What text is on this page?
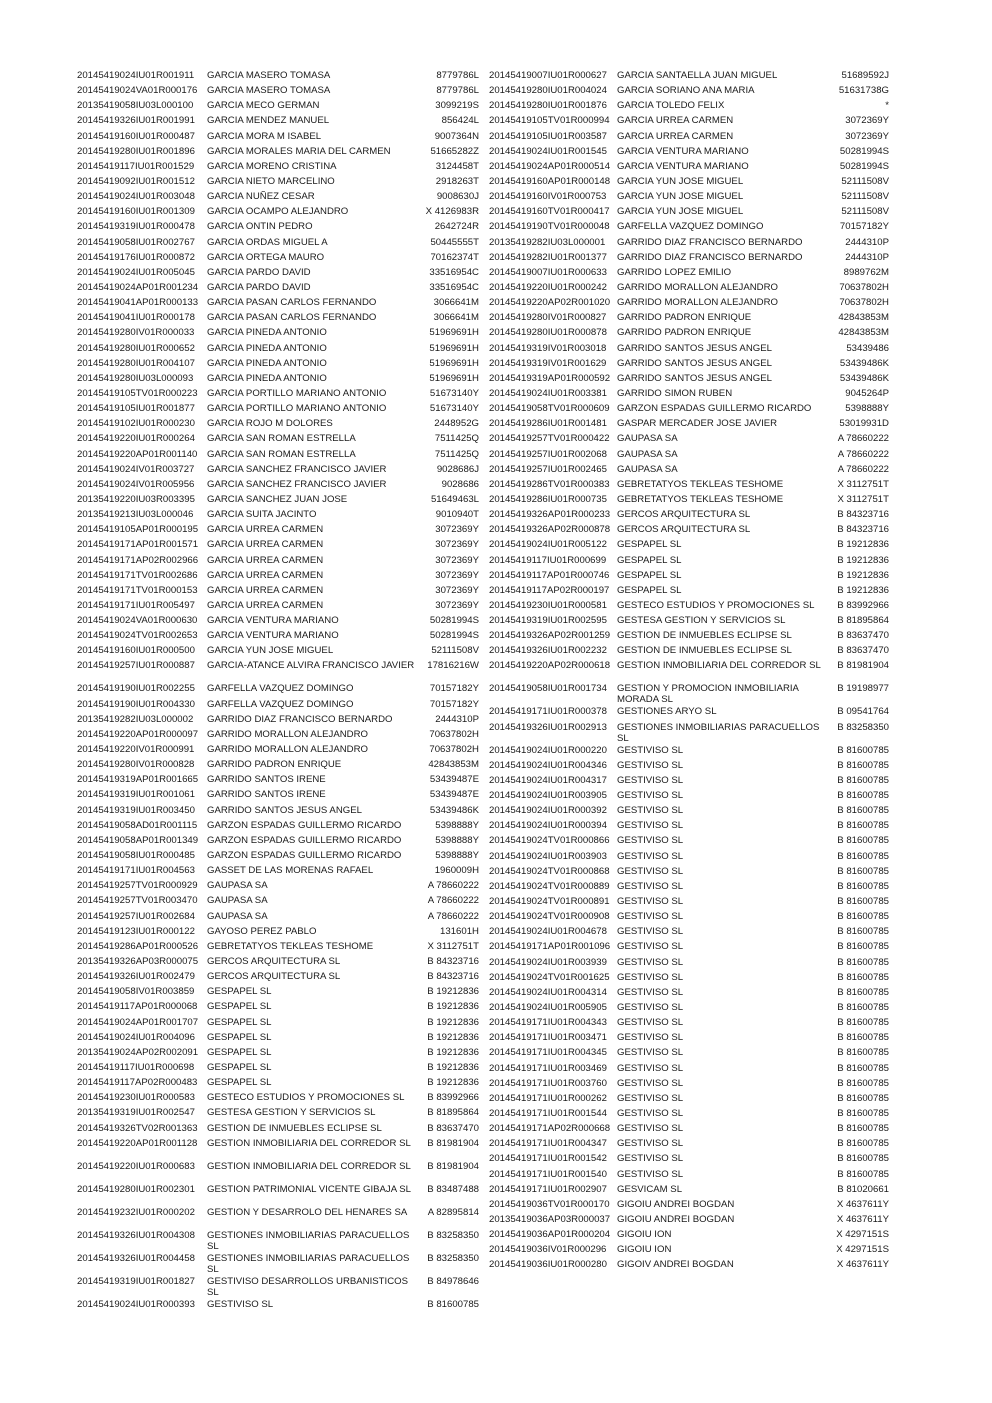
20145419024IU01R001911	GARCIA MASERO TOMASA	8779786L
20145419024VA01R000176	GARCIA MASERO TOMASA	8779786L
20135419058IU03L000100	GARCIA MECO GERMAN	3099219S
20145419326IU01R001991	GARCIA MENDEZ MANUEL	856424L
20145419160IU01R000487	GARCIA MORA M ISABEL	9007364N
20145419280IU01R001896	GARCIA MORALES MARIA DEL CARMEN	51665282Z
20145419117IU01R001529	GARCIA MORENO CRISTINA	3124458T
20145419092IU01R001512	GARCIA NIETO MARCELINO	2918263T
20145419024IU01R003048	GARCIA NUÑEZ CESAR	9008630J
20145419160IU01R001309	GARCIA OCAMPO ALEJANDRO	X 4126983R
20145419319IU01R000478	GARCIA ONTIN PEDRO	2642724R
20145419058IU01R002767	GARCIA ORDAS MIGUEL A	50445555T
20145419176IU01R000872	GARCIA ORTEGA MAURO	70162374T
20145419024IU01R005045	GARCIA PARDO DAVID	33516954C
20145419024AP01R001234 GARCIA PARDO DAVID	33516954C
20145419041AP01R000133 GARCIA PASAN CARLOS FERNANDO	3066641M
20145419041IU01R000178	GARCIA PASAN CARLOS FERNANDO	3066641M
20145419280IV01R000033	GARCIA PINEDA ANTONIO	51969691H
20145419280IU01R000652	GARCIA PINEDA ANTONIO	51969691H
20145419280IU01R004107	GARCIA PINEDA ANTONIO	51969691H
20145419280IU03L000093	GARCIA PINEDA ANTONIO	51969691H
20145419105TV01R000223 GARCIA PORTILLO MARIANO ANTONIO	51673140Y
20145419105IU01R001877	GARCIA PORTILLO MARIANO ANTONIO	51673140Y
20145419102IU01R000230	GARCIA ROJO M DOLORES	2448952G
20145419220IU01R000264	GARCIA SAN ROMAN ESTRELLA	7511425Q
20145419220AP01R001140	GARCIA SAN ROMAN ESTRELLA	7511425Q
20145419024IV01R003727	GARCIA SANCHEZ FRANCISCO JAVIER	9028686J
20145419024IV01R005956	GARCIA SANCHEZ FRANCISCO JAVIER	9028686
20135419220IU03R003395	GARCIA SANCHEZ JUAN JOSE	51649463L
20135419213IU03L000046	GARCIA SUITA JACINTO	9010940T
20145419105AP01R000195 GARCIA URREA CARMEN	3072369Y
20145419171AP01R001571 GARCIA URREA CARMEN	3072369Y
20145419171AP02R002966 GARCIA URREA CARMEN	3072369Y
20145419171TV01R002686 GARCIA URREA CARMEN	3072369Y
20145419171TV01R000153 GARCIA URREA CARMEN	3072369Y
20145419171IU01R005497	GARCIA URREA CARMEN	3072369Y
20145419024VA01R000630	GARCIA VENTURA MARIANO	50281994S
20145419024TV01R002653 GARCIA VENTURA MARIANO	50281994S
20145419160IU01R000500	GARCIA YUN JOSE MIGUEL	52111508V
20145419257IU01R000887	GARCIA-ATANCE ALVIRA FRANCISCO JAVIER	17816216W
20145419190IU01R002255	GARFELLA VAZQUEZ DOMINGO	70157182Y
20145419190IU01R004330	GARFELLA VAZQUEZ DOMINGO	70157182Y
20135419282IU03L000002	GARRIDO DIAZ FRANCISCO BERNARDO	2444310P
20145419220AP01R000097 GARRIDO MORALLON ALEJANDRO	70637802H
20145419220IV01R000991	GARRIDO MORALLON ALEJANDRO	70637802H
20145419280IV01R000828	GARRIDO PADRON ENRIQUE	42843853M
20145419319AP01R001665 GARRIDO SANTOS IRENE	53439487E
20145419319IU01R001061	GARRIDO SANTOS IRENE	53439487E
20145419319IU01R003450	GARRIDO SANTOS JESUS ANGEL	53439486K
20145419058AD01R001115	GARZON ESPADAS GUILLERMO RICARDO	5398888Y
20145419058AP01R001349 GARZON ESPADAS GUILLERMO RICARDO	5398888Y
20145419058IU01R000485	GARZON ESPADAS GUILLERMO RICARDO	5398888Y
20145419171IU01R004563	GASSET DE LAS MORENAS RAFAEL	1960009H
20145419257TV01R000929 GAUPASA SA	A 78660222
20145419257TV01R003470 GAUPASA SA	A 78660222
20145419257IU01R002684	GAUPASA SA	A 78660222
20145419123IU01R000122	GAYOSO PEREZ PABLO	131601H
20145419286AP01R000526 GEBRETATYOS TEKLEAS TESHOME	X 3112751T
20135419326AP03R000075 GERCOS ARQUITECTURA SL	B 84323716
20145419326IU01R002479	GERCOS ARQUITECTURA SL	B 84323716
20145419058IV01R003859	GESPAPEL SL	B 19212836
20145419117AP01R000068	GESPAPEL SL	B 19212836
20145419024AP01R001707 GESPAPEL SL	B 19212836
20145419024IU01R004096	GESPAPEL SL	B 19212836
20135419024AP02R002091 GESPAPEL SL	B 19212836
20145419117IU01R000698	GESPAPEL SL	B 19212836
20145419117AP02R000483	GESPAPEL SL	B 19212836
20145419230IU01R000583	GESTECO ESTUDIOS Y PROMOCIONES SL	B 83992966
20135419319IU01R002547	GESTESA GESTION Y SERVICIOS SL	B 81895864
20145419326TV02R001363 GESTION DE INMUEBLES ECLIPSE SL	B 83637470
20145419220AP01R001128	GESTION INMOBILIARIA DEL CORREDOR SL	B 81981904
20145419220IU01R000683	GESTION INMOBILIARIA DEL CORREDOR SL	B 81981904
20145419280IU01R002301	GESTION PATRIMONIAL VICENTE GIBAJA SL	B 83487488
20145419232IU01R000202	GESTION Y DESARROLO DEL HENARES SA	A 82895814
20145419326IU01R004308	GESTIONES INMOBILIARIAS PARACUELLOS SL
B 83258350
20145419326IU01R004458	GESTIONES INMOBILIARIAS PARACUELLOS SL
B 83258350
20145419319IU01R001827	GESTIVISO DESARROLLOS URBANISTICOS SL
B 84978646
20145419024IU01R000393	GESTIVISO SL	B 81600785
20145419007IU01R000627	GARCIA SANTAELLA JUAN MIGUEL	51689592J
20145419280IU01R004024	GARCIA SORIANO ANA MARIA	51631738G
20145419280IU01R001876	GARCIA TOLEDO FELIX	*
20145419105TV01R000994 GARCIA URREA CARMEN	3072369Y
20145419105IU01R003587	GARCIA URREA CARMEN	3072369Y
20145419024IU01R001545	GARCIA VENTURA MARIANO	50281994S
20145419024AP01R000514 GARCIA VENTURA MARIANO	50281994S
20145419160AP01R000148 GARCIA YUN JOSE MIGUEL	52111508V
20145419160IV01R000753	GARCIA YUN JOSE MIGUEL	52111508V
20145419160TV01R000417 GARCIA YUN JOSE MIGUEL	52111508V
20145419190TV01R000048 GARFELLA VAZQUEZ DOMINGO	70157182Y
20135419282IU03L000001	GARRIDO DIAZ FRANCISCO BERNARDO	2444310P
20145419282IU01R001377	GARRIDO DIAZ FRANCISCO BERNARDO	2444310P
20145419007IU01R000633	GARRIDO LOPEZ EMILIO	8989762M
20145419220IU01R000242	GARRIDO MORALLON ALEJANDRO	70637802H
20145419220AP02R001020 GARRIDO MORALLON ALEJANDRO	70637802H
20145419280IV01R000827	GARRIDO PADRON ENRIQUE	42843853M
20145419280IU01R000878	GARRIDO PADRON ENRIQUE	42843853M
20145419319IV01R003018	GARRIDO SANTOS JESUS ANGEL	53439486
20145419319IV01R001629	GARRIDO SANTOS JESUS ANGEL	53439486K
20145419319AP01R000592 GARRIDO SANTOS JESUS ANGEL	53439486K
20145419024IU01R003381	GARRIDO SIMON RUBEN	9045264P
20145419058TV01R000609 GARZON ESPADAS GUILLERMO RICARDO	5398888Y
20145419286IU01R001481	GASPAR MERCADER JOSE JAVIER	53019931D
20145419257TV01R000422 GAUPASA SA	A 78660222
20145419257IU01R002068	GAUPASA SA	A 78660222
20145419257IU01R002465	GAUPASA SA	A 78660222
20145419286TV01R000383 GEBRETATYOS TEKLEAS TESHOME	X 3112751T
20145419286IU01R000735	GEBRETATYOS TEKLEAS TESHOME	X 3112751T
20145419326AP01R000233 GERCOS ARQUITECTURA SL	B 84323716
20145419326AP02R000878 GERCOS ARQUITECTURA SL	B 84323716
20145419024IU01R005122	GESPAPEL SL	B 19212836
20145419117IU01R000699	GESPAPEL SL	B 19212836
20145419117AP01R000746 GESPAPEL SL	B 19212836
20145419117AP02R000197 GESPAPEL SL	B 19212836
20145419230IU01R000581	GESTECO ESTUDIOS Y PROMOCIONES SL	B 83992966
20145419319IU01R002595	GESTESA GESTION Y SERVICIOS SL	B 81895864
20145419326AP02R001259 GESTION DE INMUEBLES ECLIPSE SL	B 83637470
20145419326IU01R002232	GESTION DE INMUEBLES ECLIPSE SL	B 83637470
20145419220AP02R000618 GESTION INMOBILIARIA DEL CORREDOR SL	B 81981904
20145419058IU01R001734	GESTION Y PROMOCION INMOBILIARIA MORADA SL
B 19198977
20145419171IU01R000378	GESTIONES ARYO SL	B 09541764
20145419326IU01R002913	GESTIONES INMOBILIARIAS PARACUELLOS SL
B 83258350
20145419024IU01R000220	GESTIVISO SL	B 81600785
20145419024IU01R004346	GESTIVISO SL	B 81600785
20145419024IU01R004317	GESTIVISO SL	B 81600785
20145419024IU01R003905	GESTIVISO SL	B 81600785
20145419024IU01R000392	GESTIVISO SL	B 81600785
20145419024IU01R000394	GESTIVISO SL	B 81600785
20145419024TV01R000866 GESTIVISO SL	B 81600785
20145419024IU01R003903	GESTIVISO SL	B 81600785
20145419024TV01R000868 GESTIVISO SL	B 81600785
20145419024TV01R000889 GESTIVISO SL	B 81600785
20145419024TV01R000891 GESTIVISO SL	B 81600785
20145419024TV01R000908 GESTIVISO SL	B 81600785
20145419024IU01R004678	GESTIVISO SL	B 81600785
20145419171AP01R001096 GESTIVISO SL	B 81600785
20145419024IU01R003939	GESTIVISO SL	B 81600785
20145419024TV01R001625 GESTIVISO SL	B 81600785
20145419024IU01R004314	GESTIVISO SL	B 81600785
20145419024IU01R005905	GESTIVISO SL	B 81600785
20145419171IU01R004343	GESTIVISO SL	B 81600785
20145419171IU01R003471	GESTIVISO SL	B 81600785
20145419171IU01R004345	GESTIVISO SL	B 81600785
20145419171IU01R003469	GESTIVISO SL	B 81600785
20145419171IU01R003760	GESTIVISO SL	B 81600785
20145419171IU01R000262	GESTIVISO SL	B 81600785
20145419171IU01R001544	GESTIVISO SL	B 81600785
20145419171AP02R000668 GESTIVISO SL	B 81600785
20145419171IU01R004347	GESTIVISO SL	B 81600785
20145419171IU01R001542	GESTIVISO SL	B 81600785
20145419171IU01R001540	GESTIVISO SL	B 81600785
20145419171IU01R002907	GESVICAM SL	B 81020661
20145419036TV01R000170 GIGOIU ANDREI BOGDAN	X 4637611Y
20135419036AP03R000037 GIGOIU ANDREI BOGDAN	X 4637611Y
20145419036AP01R000204 GIGOIU ION	X 4297151S
20145419036IV01R000296	GIGOIU ION	X 4297151S
20145419036IU01R000280	GIGOIV ANDREI BOGDAN	X 4637611Y
